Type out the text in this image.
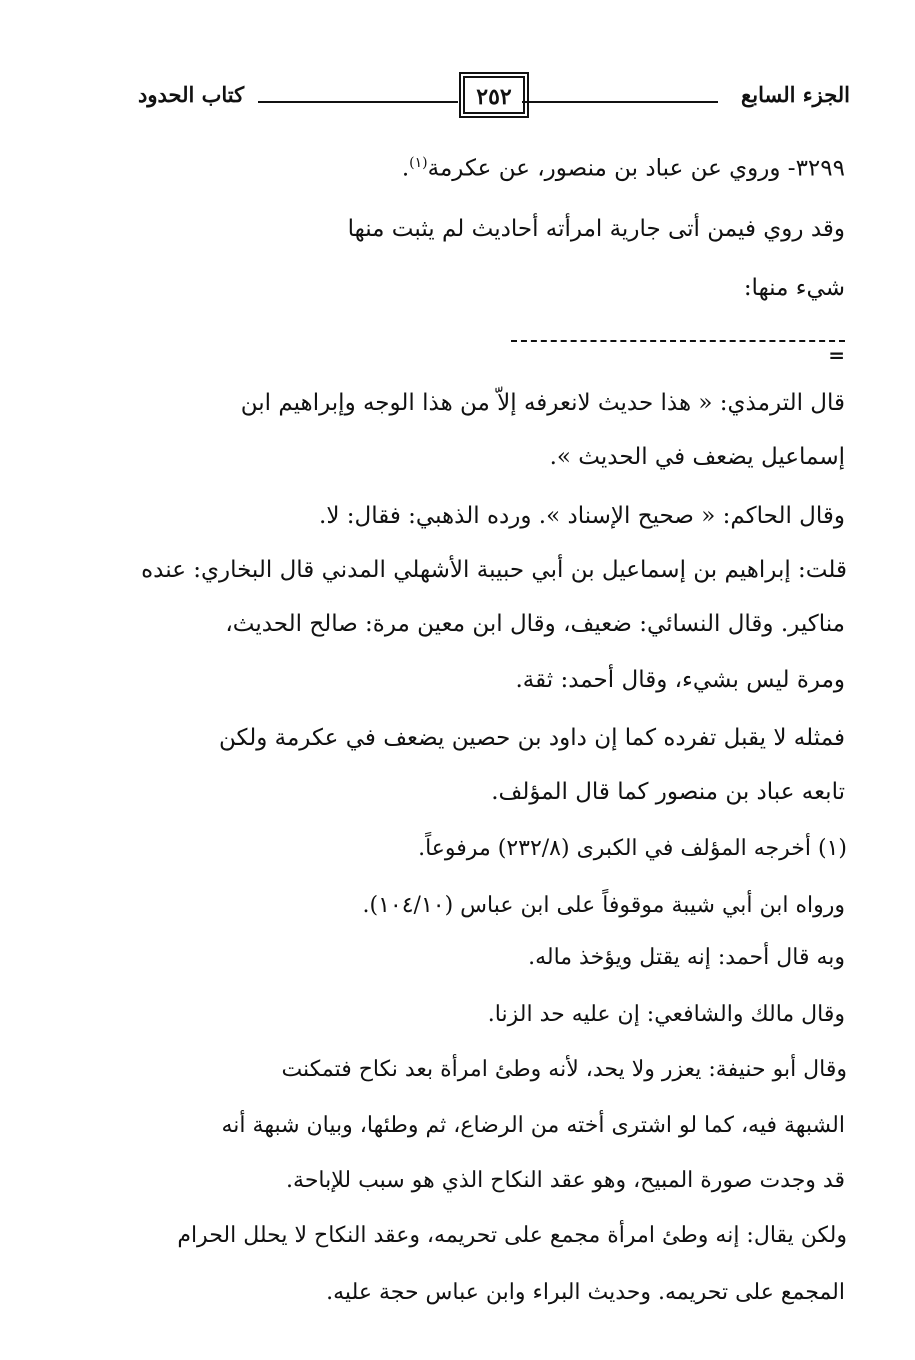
الجزء السابع
٢٥٢
كتاب الحدود
٣٢٩٩- وروي عن عباد بن منصور، عن عكرمة$^{(١)}$.
وقد روي فيمن أتى جارية امرأته أحاديث لم يثبت منها
شيء منها:
=
قال الترمذي: « هذا حديث لانعرفه إلاّ من هذا الوجه وإبراهيم ابن
إسماعيل يضعف في الحديث ».
وقال الحاكم: « صحيح الإسناد ». ورده الذهبي: فقال: لا.
قلت: إبراهيم بن إسماعيل بن أبي حبيبة الأشهلي المدني قال البخاري: عنده
مناكير. وقال النسائي: ضعيف، وقال ابن معين مرة: صالح الحديث،
ومرة ليس بشيء، وقال أحمد: ثقة.
فمثله لا يقبل تفرده كما إن داود بن حصين يضعف في عكرمة ولكن
تابعه عباد بن منصور كما قال المؤلف.
(١) أخرجه المؤلف في الكبرى (٢٣٢/٨) مرفوعاً.
ورواه ابن أبي شيبة موقوفاً على ابن عباس (١٠٤/١٠).
وبه قال أحمد: إنه يقتل ويؤخذ ماله.
وقال مالك والشافعي: إن عليه حد الزنا.
وقال أبو حنيفة: يعزر ولا يحد، لأنه وطئ امرأة بعد نكاح فتمكنت
الشبهة فيه، كما لو اشترى أخته من الرضاع، ثم وطئها، وبيان شبهة أنه
قد وجدت صورة المبيح، وهو عقد النكاح الذي هو سبب للإباحة.
ولكن يقال: إنه وطئ امرأة مجمع على تحريمه، وعقد النكاح لا يحلل الحرام
المجمع على تحريمه. وحديث البراء وابن عباس حجة عليه.
